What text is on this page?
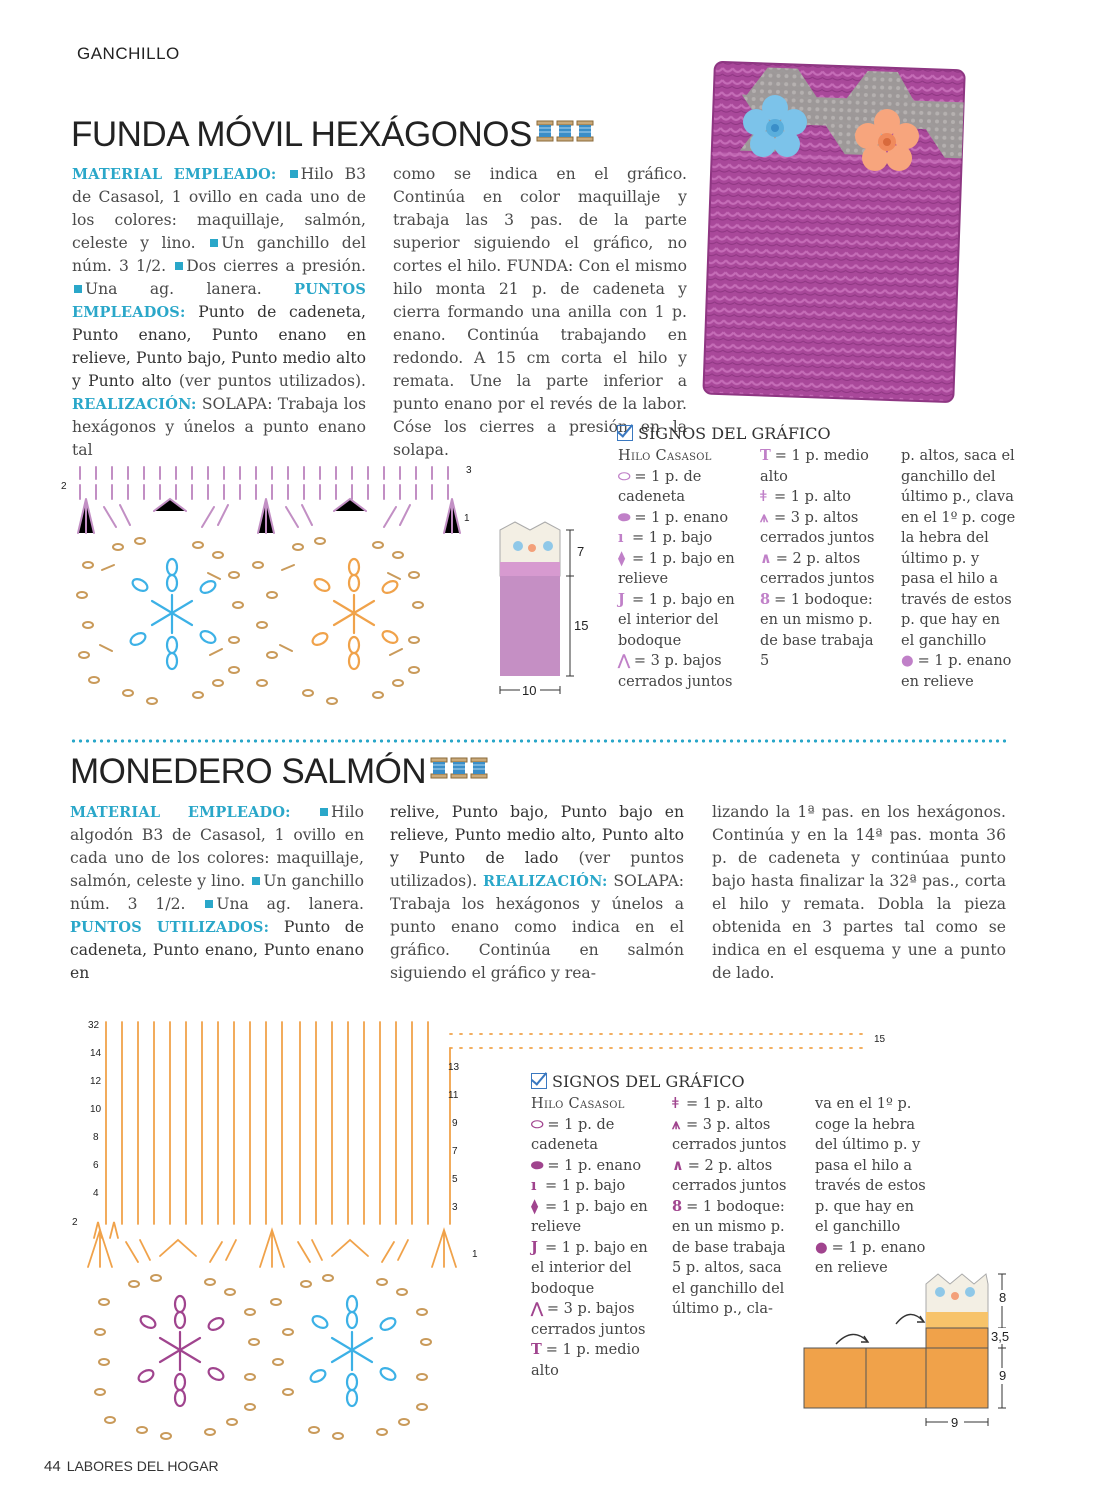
GANCHILLO
FUNDA MÓVIL HEXÁGONOS
MATERIAL EMPLEADO: Hilo B3 de Casasol, 1 ovillo en cada uno de los colores: maquillaje, salmón, celeste y lino. Un ganchillo del núm. 3 1/2. Dos cierres a presión. Una ag. lanera. PUNTOS EMPLEADOS: Punto de cadeneta, Punto enano, Punto enano en relieve, Punto bajo, Punto medio alto y Punto alto (ver puntos utilizados). REALIZACIÓN: SOLAPA: Trabaja los hexágonos y únelos a punto enano tal
como se indica en el gráfico. Continúa en color maquillaje y trabaja las 3 pas. de la parte superior siguiendo el gráfico, no cortes el hilo. FUNDA: Con el mismo hilo monta 21 p. de cadeneta y cierra formando una anilla con 1 p. enano. Continúa trabajando en redondo. A 15 cm corta el hilo y remata. Une la parte inferior a punto enano por el revés de la labor. Cóse los cierres a presión en la solapa.
3
2
1
7
15
10
SIGNOS DEL GRÁFICO
Hilo Casasol
⬭ = 1 p. de cadeneta
⬬ = 1 p. enano
ı = 1 p. bajo
⧫ = 1 p. bajo en relieve
J = 1 p. bajo en el interior del bodoque
⋀ = 3 p. bajos cerrados juntos
T = 1 p. medio alto
ǂ = 1 p. alto
⩚ = 3 p. altos cerrados juntos
∧ = 2 p. altos cerrados juntos
8 = 1 bodoque: en un mismo p. de base trabaja 5
p. altos, saca el ganchillo del último p., clava en el 1º p. coge la hebra del último p. y pasa el hilo a través de estos p. que hay en el ganchillo
● = 1 p. enano en relieve
MONEDERO SALMÓN
MATERIAL EMPLEADO:	Hilo algodón B3 de Casasol, 1 ovillo en cada uno de los colores: maquillaje, salmón, celeste y lino. Un ganchillo núm. 3 1/2. Una ag. lanera. PUNTOS UTILIZADOS: Punto de cadeneta, Punto enano, Punto enano en
relive, Punto bajo, Punto bajo en relieve, Punto medio alto, Punto alto y Punto de lado (ver puntos utilizados). REALIZACIÓN: SOLAPA: Trabaja los hexágonos y únelos a punto enano como indica en el gráfico. Continúa en salmón siguiendo el gráfico y rea-
lizando la 1ª pas. en los hexágonos. Continúa y en la 14ª pas. monta 36 p. de cadeneta y continúaa punto bajo hasta finalizar la 32ª pas., corta el hilo y remata. Dobla la pieza obtenida en 3 partes tal como se indica en el esquema y une a punto de lado.
32
14
12
10
8
6
4
2
15
13
11
9
7
5
3
1
SIGNOS DEL GRÁFICO
Hilo Casasol
⬭ = 1 p. de cadeneta
⬬ = 1 p. enano
ı = 1 p. bajo
⧫ = 1 p. bajo en relieve
J = 1 p. bajo en el interior del bodoque
⋀ = 3 p. bajos cerrados juntos
T = 1 p. medio alto
ǂ = 1 p. alto
⩚ = 3 p. altos cerrados juntos
∧ = 2 p. altos cerrados juntos
8 = 1 bodoque: en un mismo p. de base trabaja 5 p. altos, saca el ganchillo del último p., cla-
va en el 1º p. coge la hebra del último p. y pasa el hilo a través de estos p. que hay en el ganchillo
● = 1 p. enano en relieve
8
3,5
9
9
44 LABORES DEL HOGAR
